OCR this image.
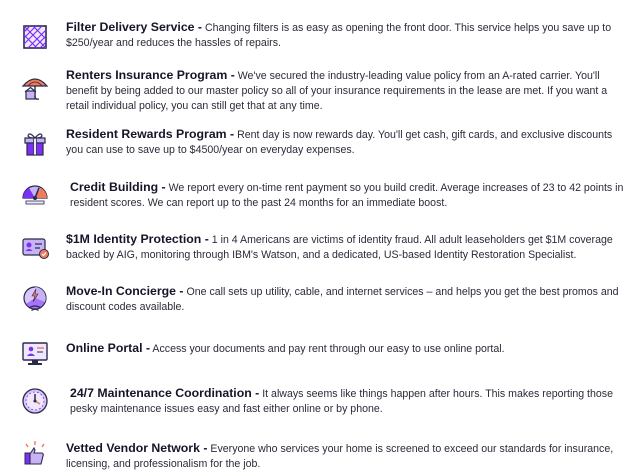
Filter Delivery Service - Changing filters is as easy as opening the front door. This service helps you save up to $250/year and reduces the hassles of repairs.
Renters Insurance Program - We've secured the industry-leading value policy from an A-rated carrier. You'll benefit by being added to our master policy so all of your insurance requirements in the lease are met. If you want a retail individual policy, you can still get that at any time.
Resident Rewards Program - Rent day is now rewards day. You'll get cash, gift cards, and exclusive discounts you can use to save up to $4500/year on everyday expenses.
Credit Building - We report every on-time rent payment so you build credit. Average increases of 23 to 42 points in resident scores. We can report up to the past 24 months for an immediate boost.
$1M Identity Protection - 1 in 4 Americans are victims of identity fraud. All adult leaseholders get $1M coverage backed by AIG, monitoring through IBM's Watson, and a dedicated, US-based Identity Restoration Specialist.
Move-In Concierge - One call sets up utility, cable, and internet services – and helps you get the best promos and discount codes available.
Online Portal - Access your documents and pay rent through our easy to use online portal.
24/7 Maintenance Coordination - It always seems like things happen after hours. This makes reporting those pesky maintenance issues easy and fast either online or by phone.
Vetted Vendor Network - Everyone who services your home is screened to exceed our standards for insurance, licensing, and professionalism for the job.
